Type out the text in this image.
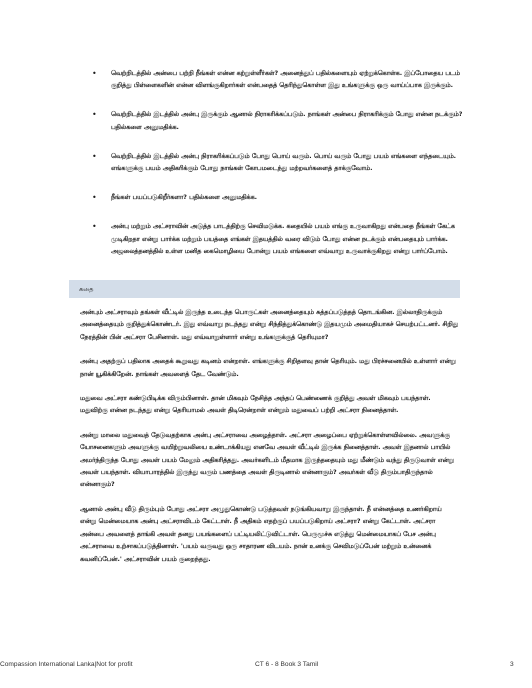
• வெற்றிடத்தில் அன்பை பற்றி நீங்கள் என்ன கற்றுள்ளீர்கள்? அனைத்துப் பதில்களையும் ஏற்றுக்கொள்க. இப்போதைய படம் குறித்து பிள்ளைகளின் என்ன விளங்குகிறார்கள் என்பதைத் தெரிந்துகொள்ள இது உங்களுக்கு ஒரு வாய்ப்பாக இருக்கும்.
• வெற்றிடத்தில் இடத்தில் அன்பு இருக்கும் ஆனால் நிராகரிக்கப்படும். நாங்கள் அன்பை நிராகரிக்கும் போது என்ன நடக்கும்? பதில்களை அனுமதிக்க.
• வெற்றிடத்தில் இடத்தில் அன்பு நிராகரிக்கப்படும் போது பொய் வரும். பொய் வரும் போது பயம் எங்களை எந்தடையும். எங்களுக்கு பயம் அதிகரிக்கும் போது நாங்கள் கோபமடைந்து மற்றவர்களைத் தாக்குவோம்.
• நீங்கள் பயப்படுகிறீர்களா? பதில்களை அனுமதிக்க.
• அன்பு மற்றும் அட்சராவின் அடுத்த பாடத்திற்கு செவிமடுக்க. கதையில் பயம் எங்கு உருவாகிறது என்பதை நீங்கள் கேட்க முடிகிறதா என்று பார்க்க மற்றும் பயத்தை எங்கள் இதயத்தில் வரை விடும் போது என்ன நடக்கும் என்பதையும் பார்க்க. அஜலைத்தனத்தில் உள்ள மனித கைமொழியை போன்று பயம் எங்களை எவ்வாறு உருவாக்குகிறது என்று பார்ப்போம்.
கதை

அன்பும் அட்சராவும் தங்கள் வீட்டில் இருந்த உடைந்த பொருட்கள் அனைத்தையும் சுத்தப்படுத்தத் தொடங்கின. இல்லாதிருக்கும் அனைத்தையும் குறித்துக்கொண்டர். இது எவ்வாறு நடந்தது என்று சிந்தித்துக்கொண்டு இதயமும் அமைதியாகச் செயற்பட்டனர். சிறிது நேரத்தின் பின் அட்சரா பேசினாள். மது எவ்வாறுள்ளார் என்று உங்களுக்குத் தெரியுமா?

அன்பு அதற்குப் பதிலாக அதைக் கூறுவது கடினம் என்றாள். எங்களுக்கு சிறிதளவு தான் தெரியும். மது பிரச்சனையில் உள்ளார் என்று நான் யூகிக்கிறேன். நாங்கள் அவளைத் தேட வேண்டும்.

மதுவை அட்சரா கண்டுபிடிக்க விரும்பினாள். தான் மிகவும் நேசித்த அந்தப் பெண்ணைக் குறித்து அவள் மிகவும் பயந்தாள். மதுவிற்கு என்ன நடந்தது என்று தெரியாமல் அவள் திடிரென்றாள் என்றும் மதுவைப் பற்றி அட்சரா நினைத்தாள்.

அன்று மாலை மதுவைத் தேடுவதற்காக அன்பு அட்சராவை அழைத்தாள். அட்சரா அழைப்பை ஏற்றுக்கொள்ளவில்லை. அவளுக்கு யோசனைகளும் அவளுக்கு வயிற்றுவலியை உண்டாக்கியது எனவே அவள் வீட்டில் இருக்க நினைத்தாள். அவள் இதனால் பாயில் அமர்ந்திருந்த போது அவள் பயம் மேலும் அதிகரித்தது. அவர்களிடம் மீதமாக இருந்ததையும் மது மீண்டும் வந்து திருடுவாள் என்று அவள் பயந்தாள். வியாபாரத்தில் இருந்து வரும் பணத்தை அவள் திருடினால் என்னாகும்? அவர்கள் வீடு திரும்பாதிருந்தால் என்னாகும்?

ஆனால் அன்பு வீடு திரும்பும் போது அட்சரா அழுதுகொண்டு படுத்தவள் நடுங்கியவாறு இருந்தாள். நீ என்னத்தை உணர்கிறாய் என்று மென்மையாக அன்பு அட்சராவிடம் கேட்டாள். நீ அதிகம் எதற்குப் பயப்படுகிறாய் அட்சரா? என்று கேட்டாள். அட்சரா அன்பை அவளைத் தாங்கி அவள் தனது பயங்களைப் பட்டியலிட்டுவிட்டாள். பெருமூச்சு எடுத்து மென்மையாகப் பேச அன்பு அட்சராவை உற்சாகப்படுத்தினாள். 'பயம் வருவது ஒரு சாதாரண விடயம். நான் உனக்கு செவிமடுப்பேன் மற்றும் உன்னைக் கவனிப்பேன்.' அட்சராவின் பயம் குறைந்தது.

Compassion International Lanka|Not for profit	CT 6 - 8 Book 3 Tamil	3
